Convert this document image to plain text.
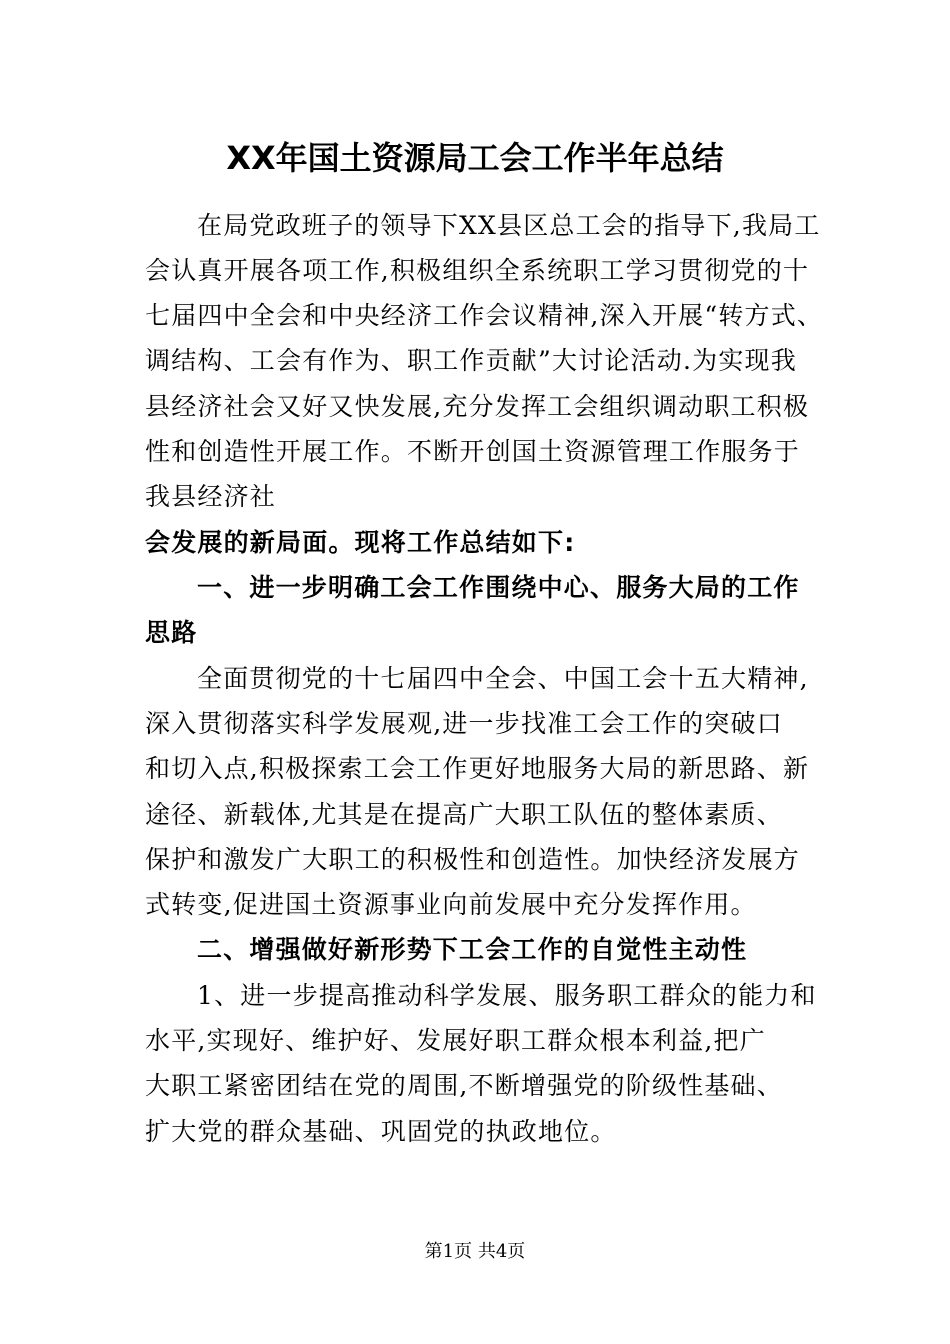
XX年国土资源局工会工作半年总结
在局党政班子的领导下XX县区总工会的指导下,我局工
会认真开展各项工作,积极组织全系统职工学习贯彻党的十
七届四中全会和中央经济工作会议精神,深入开展“转方式、
调结构、工会有作为、职工作贡献”大讨论活动.为实现我
县经济社会又好又快发展,充分发挥工会组织调动职工积极
性和创造性开展工作。不断开创国土资源管理工作服务于
我县经济社
会发展的新局面。现将工作总结如下:
一、进一步明确工会工作围绕中心、服务大局的工作
思路
全面贯彻党的十七届四中全会、中国工会十五大精神,
深入贯彻落实科学发展观,进一步找准工会工作的突破口
和切入点,积极探索工会工作更好地服务大局的新思路、新
途径、新载体,尤其是在提高广大职工队伍的整体素质、
保护和激发广大职工的积极性和创造性。加快经济发展方
式转变,促进国土资源事业向前发展中充分发挥作用。
二、增强做好新形势下工会工作的自觉性主动性
1、进一步提高推动科学发展、服务职工群众的能力和
水平,实现好、维护好、发展好职工群众根本利益,把广
大职工紧密团结在党的周围,不断增强党的阶级性基础、
扩大党的群众基础、巩固党的执政地位。
第1页 共4页
